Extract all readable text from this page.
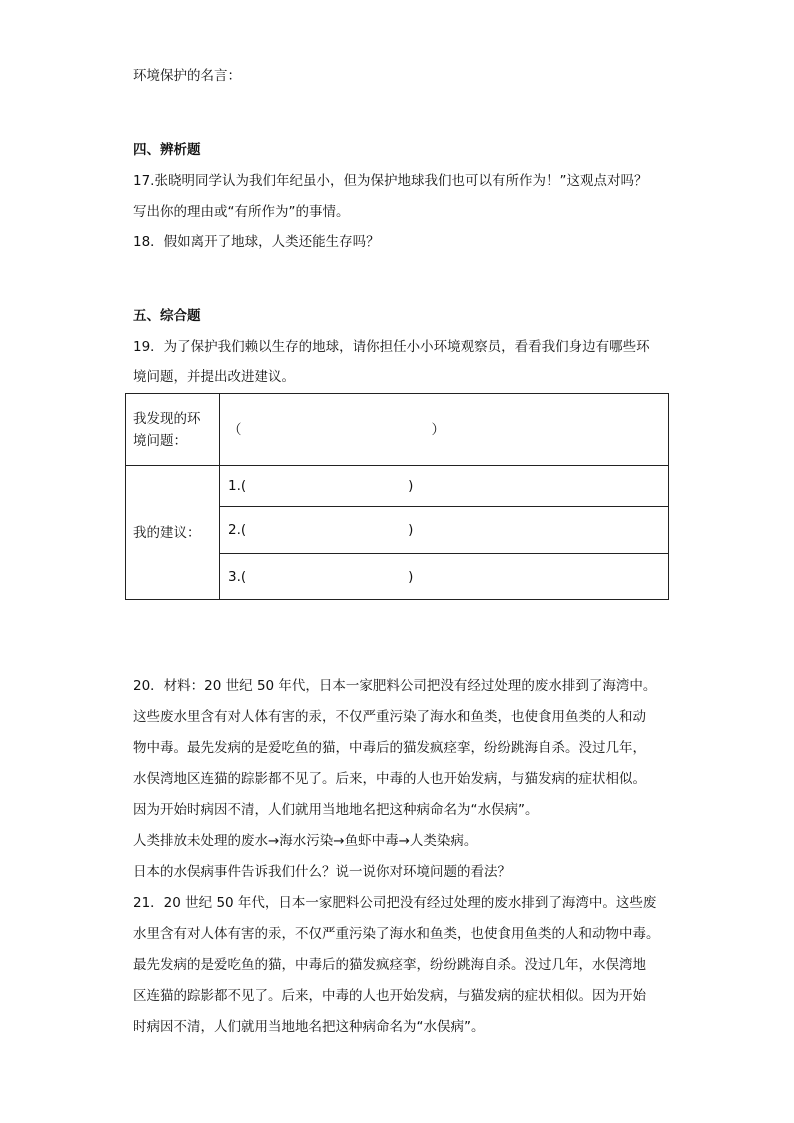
环境保护的名言：
四、辨析题
17.张晓明同学认为我们年纪虽小，但为保护地球我们也可以有所作为！”这观点对吗？
写出你的理由或“有所作为”的事情。
18．假如离开了地球，人类还能生存吗？
五、综合题
19．为了保护我们赖以生存的地球，请你担任小小环境观察员，看看我们身边有哪些环
境问题，并提出改进建议。
我发现的环
境问题：	（ ）
我的建议：	1.( )
	2.( )
	3.( )
20．材料：20 世纪 50 年代，日本一家肥料公司把没有经过处理的废水排到了海湾中。
这些废水里含有对人体有害的汞，不仅严重污染了海水和鱼类，也使食用鱼类的人和动
物中毒。最先发病的是爱吃鱼的猫，中毒后的猫发疯痉挛，纷纷跳海自杀。没过几年，
水俣湾地区连猫的踪影都不见了。后来，中毒的人也开始发病，与猫发病的症状相似。
因为开始时病因不清，人们就用当地地名把这种病命名为“水俣病”。
人类排放未处理的废水→海水污染→鱼虾中毒→人类染病。
日本的水俣病事件告诉我们什么？说一说你对环境问题的看法？
21．20 世纪 50 年代，日本一家肥料公司把没有经过处理的废水排到了海湾中。这些废
水里含有对人体有害的汞，不仅严重污染了海水和鱼类，也使食用鱼类的人和动物中毒。
最先发病的是爱吃鱼的猫，中毒后的猫发疯痉挛，纷纷跳海自杀。没过几年，水俣湾地
区连猫的踪影都不见了。后来，中毒的人也开始发病，与猫发病的症状相似。因为开始
时病因不清，人们就用当地地名把这种病命名为“水俣病”。
